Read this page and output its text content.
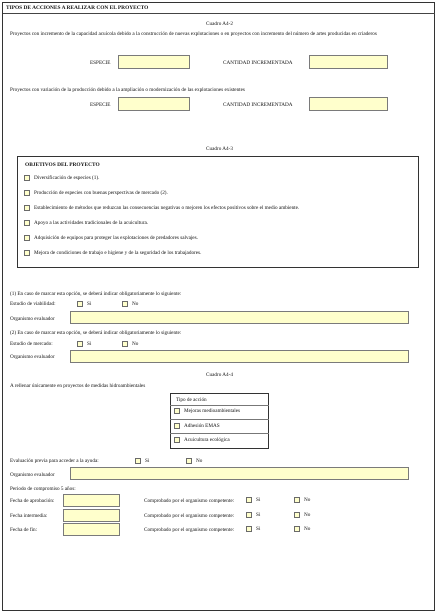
TIPOS DE ACCIONES A REALIZAR CON EL PROYECTO
Cuadro A4-2
Proyectos con incremento de la capacidad acuícola debido a la construcción de nuevas explotaciones o en proyectos con incremento del número de artes producidas en criaderos
ESPECIE	CANTIDAD INCREMENTADA
Proyectos con variación de la producción debido a la ampliación o modernización de las explotaciones existentes
ESPECIE	CANTIDAD INCREMENTADA
Cuadro A4-3
OBJETIVOS DEL PROYECTO
Diversificación de especies (1).
Producción de especies con buenas perspectivas de mercado (2).
Establecimiento de métodos que reduzcan las consecuencias negativas o mejoren los efectos positivos sobre el medio ambiente.
Apoyo a las actividades tradicionales de la acuicultura.
Adquisición de equipos para proteger las explotaciones de predadores salvajes.
Mejora de condiciones de trabajo e higiene y de la seguridad de los trabajadores.
(1) En caso de marcar esta opción, se deberá indicar obligatoriamente lo siguiente:
Estudio de viabilidad:	Si	No
Organismo evaluador
(2) En caso de marcar esta opción, se deberá indicar obligatoriamente lo siguiente:
Estudio de mercado:	Si	No
Organismo evaluador
Cuadro A4-4
A rellenar únicamente en proyectos de medidas hidroambientales
Tipo de acción
Mejoras medioambientales
Adhesión EMAS
Acuicultura ecológica
Evaluación previa para acceder a la ayuda:	Si	No
Organismo evaluador
Periodo de compromiso 5 años:
Fecha de aprobación:	Comprobado por el organismo competente:	Si	No
Fecha intermedia:	Comprobado por el organismo competente:	Si	No
Fecha de fin:	Comprobado por el organismo competente:	Si	No
